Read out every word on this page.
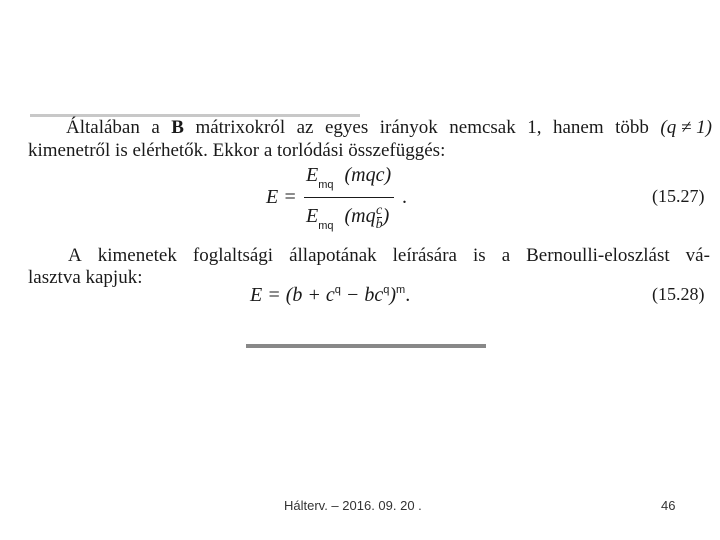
Általában a B mátrixokról az egyes irányok nemcsak 1, hanem több (q ≠ 1)
kimenetről is elérhetők. Ekkor a torlódási összefüggés:
E =
$E_{mq}$ (mqc)
$E_{mq}$ $(mq\frac{c}{b})$
.	(15.27)
A kimenetek foglaltsági állapotának leírására is a Bernoulli-eloszlást vá-
lasztva kapjuk:
$E = (b + c^q - bc^q)^m$.	(15.28)
Hálterv. – 2016. 09. 20 .	46
